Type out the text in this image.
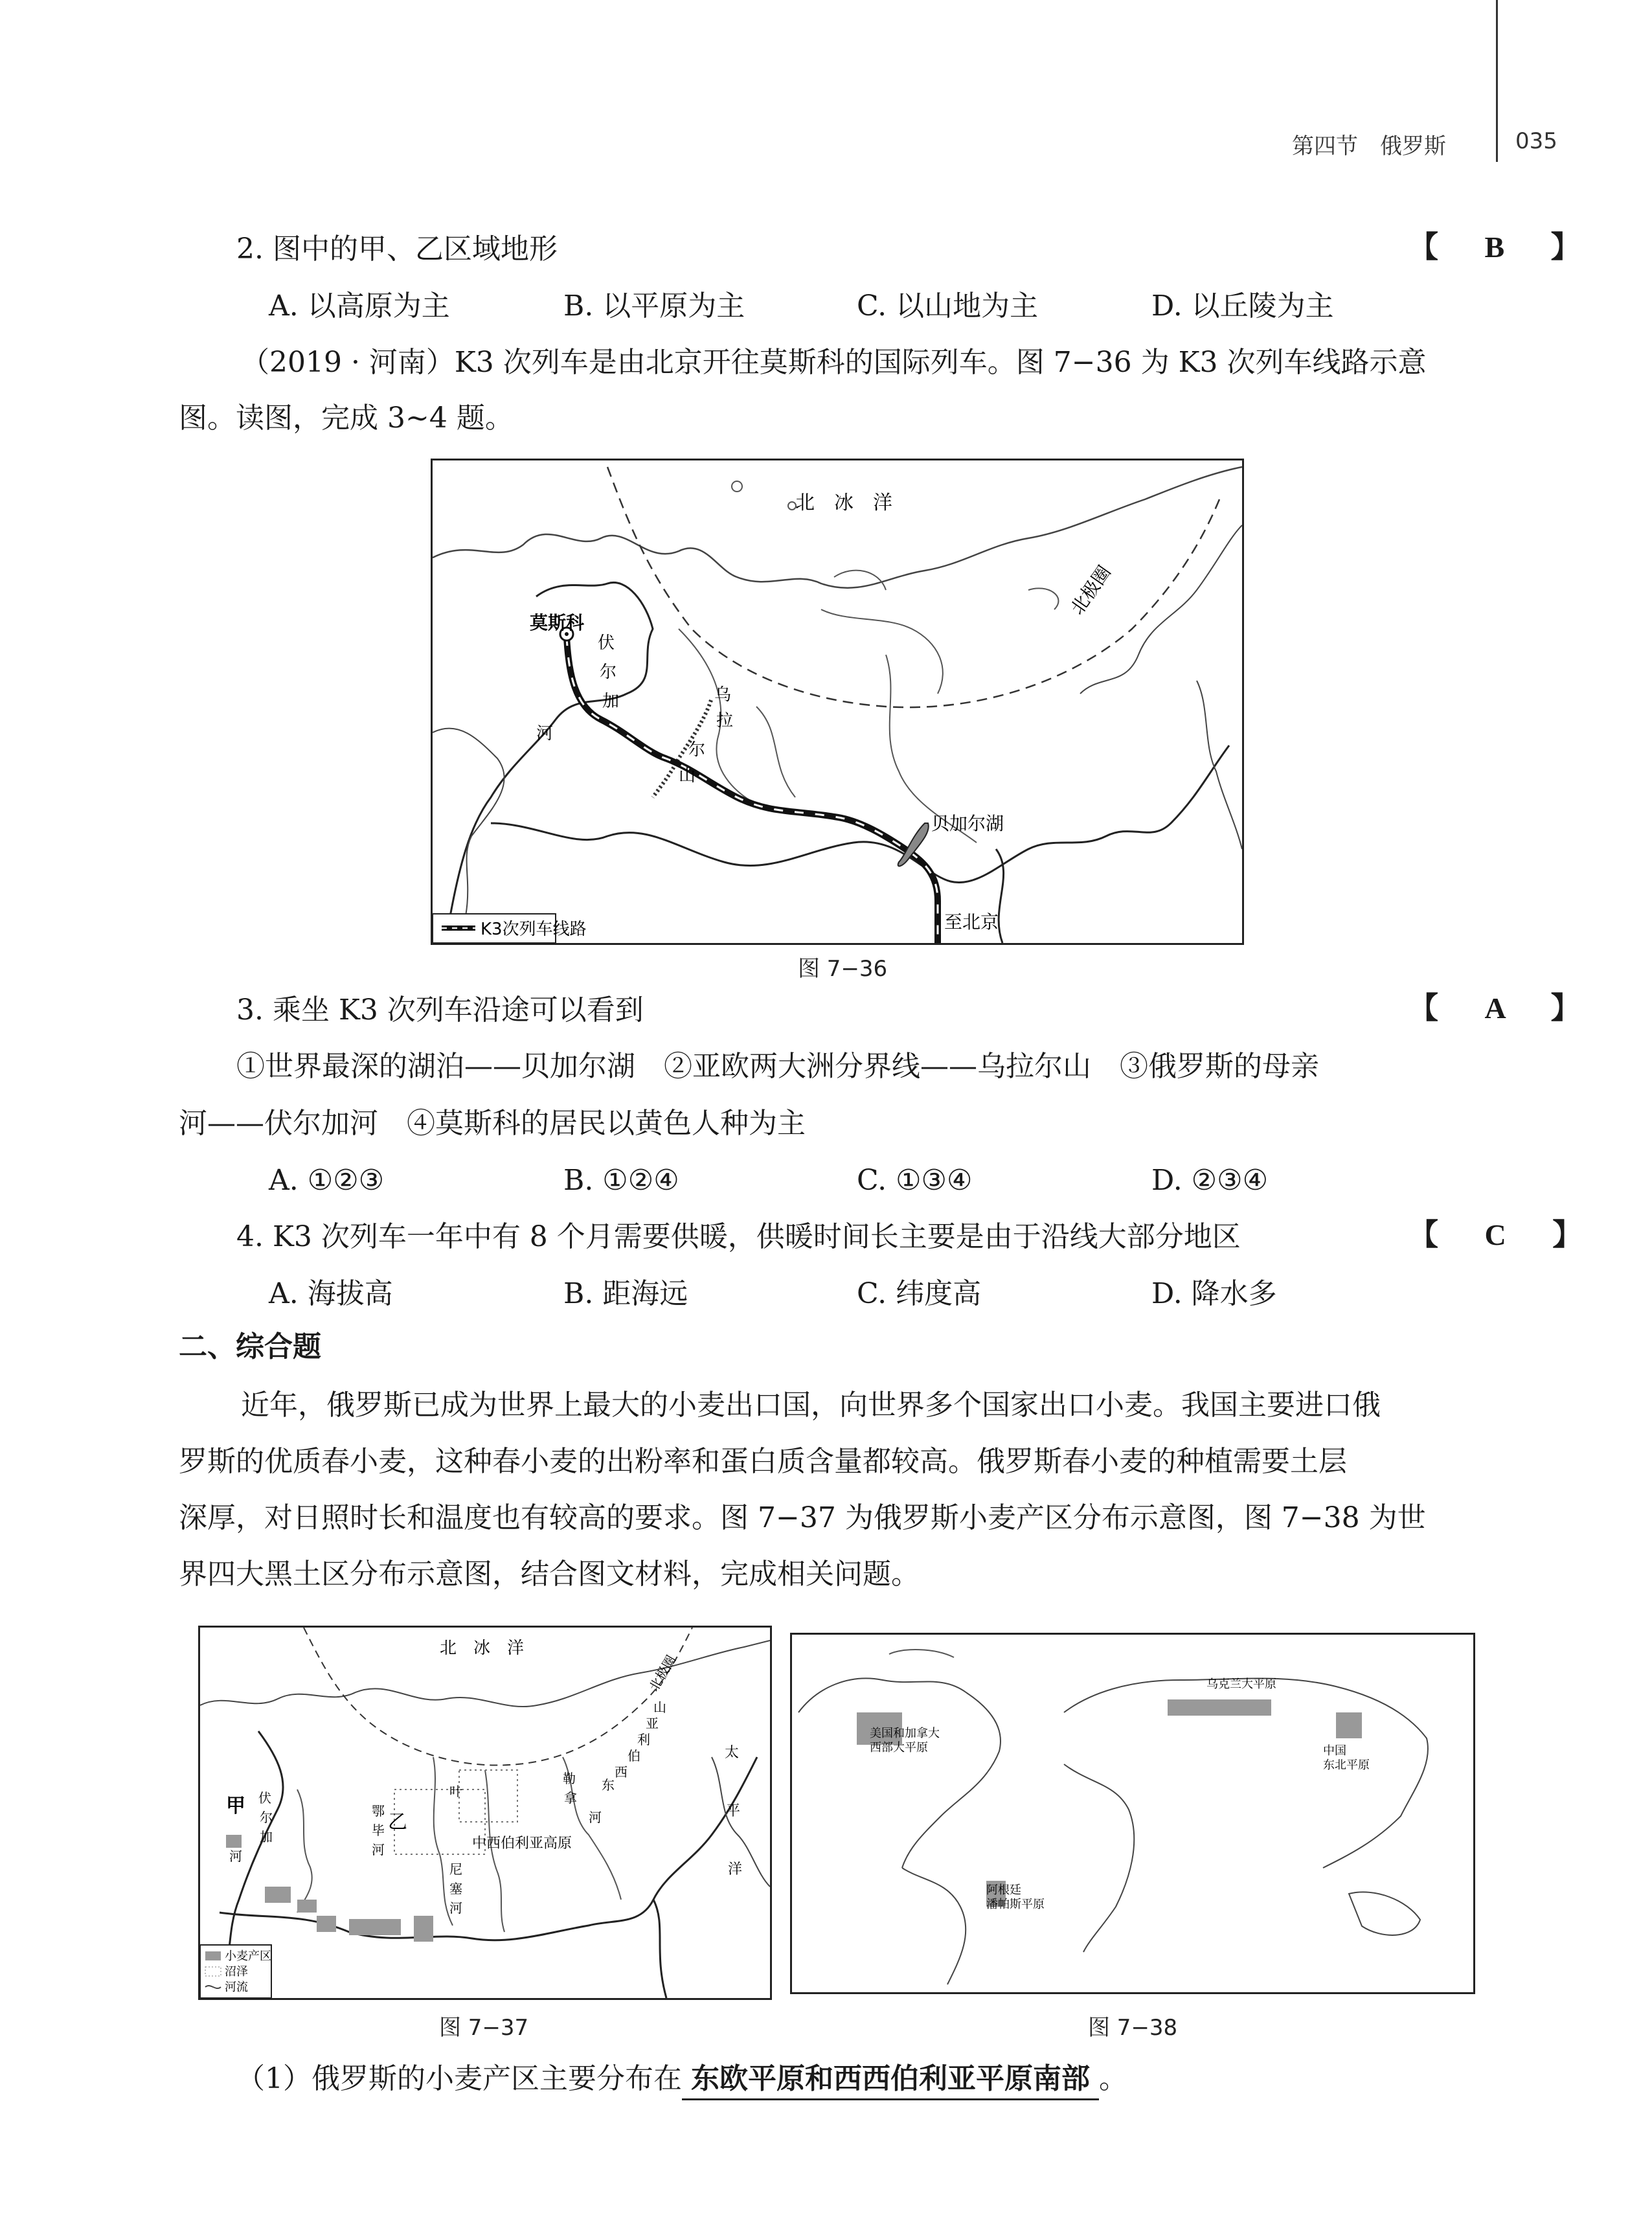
第四节　俄罗斯	035
2. 图中的甲、乙区域地形	【 B 】
A. 以高原为主	B. 以平原为主	C. 以山地为主	D. 以丘陵为主
（2019 · 河南）K3 次列车是由北京开往莫斯科的国际列车。图 7−36 为 K3 次列车线路示意
图。读图，完成 3~4 题。
K3次列车线路
北　冰　洋
北极圈
莫斯科
伏
尔
加
河
乌
拉
尔
山
贝加尔湖
至北京
图 7−36
3. 乘坐 K3 次列车沿途可以看到	【 A 】
①世界最深的湖泊——贝加尔湖　②亚欧两大洲分界线——乌拉尔山　③俄罗斯的母亲
河——伏尔加河　④莫斯科的居民以黄色人种为主
A. ①②③	B. ①②④	C. ①③④	D. ②③④
4. K3 次列车一年中有 8 个月需要供暖，供暖时间长主要是由于沿线大部分地区	【 C 】
A. 海拔高	B. 距海远	C. 纬度高	D. 降水多
二、综合题
近年，俄罗斯已成为世界上最大的小麦出口国，向世界多个国家出口小麦。我国主要进口俄
罗斯的优质春小麦，这种春小麦的出粉率和蛋白质含量都较高。俄罗斯春小麦的种植需要土层
深厚，对日照时长和温度也有较高的要求。图 7−37 为俄罗斯小麦产区分布示意图，图 7−38 为世
界四大黑土区分布示意图，结合图文材料，完成相关问题。
小麦产区
沼泽
河流
北　冰　洋
北极圈
甲
乙
中西伯利亚高原
伏
尔
加
河
鄂
毕
河
叶
尼
塞
河
勒
拿
河
东
西
伯
利
亚
山
太
平
洋
图 7−37
乌克兰大平原
美国和加拿大
西部大平原	中国
东北平原
阿根廷
潘帕斯平原
图 7−38
（1）俄罗斯的小麦产区主要分布在 东欧平原和西西伯利亚平原南部 。
